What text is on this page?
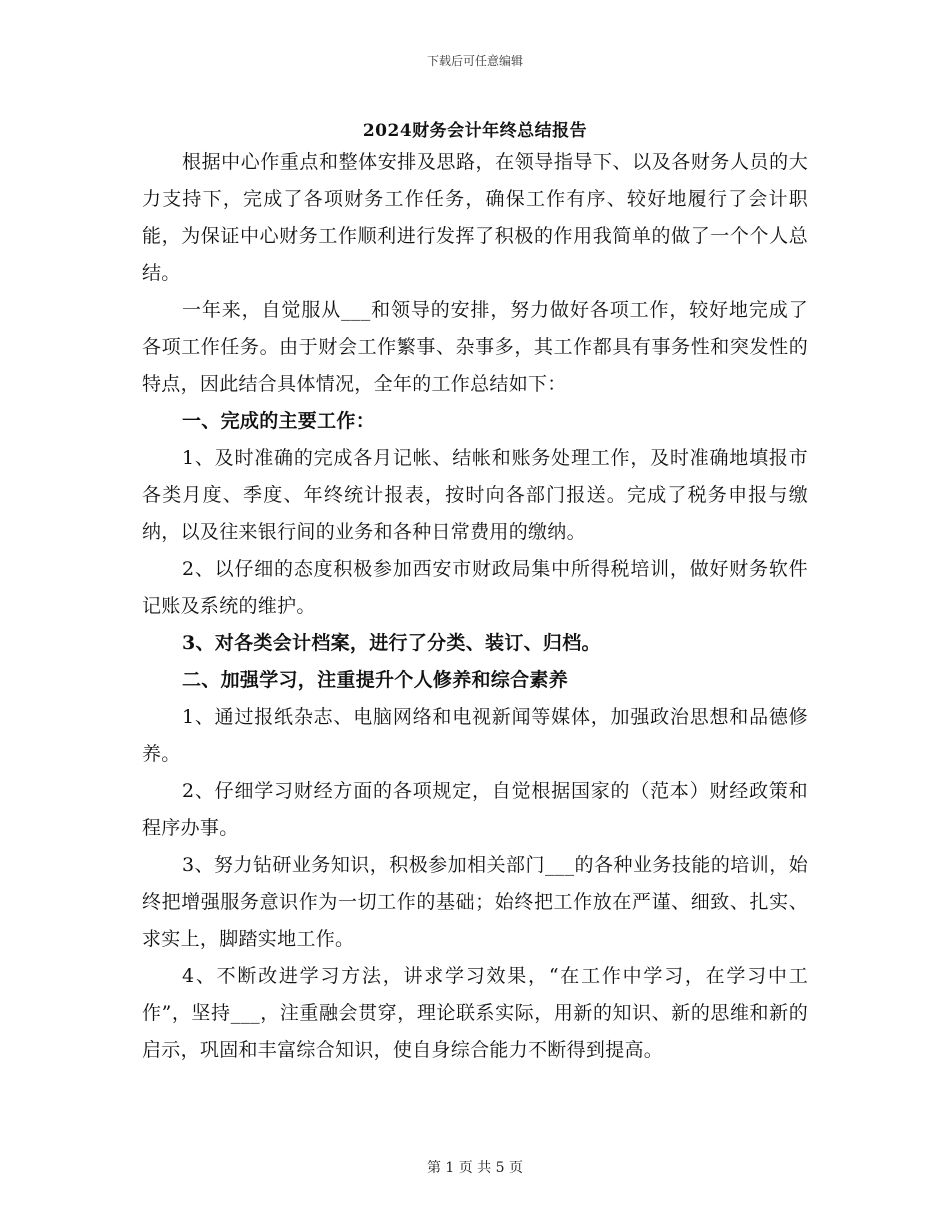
下载后可任意编辑
2024财务会计年终总结报告

根据中心作重点和整体安排及思路，在领导指导下、以及各财务人员的大力支持下，完成了各项财务工作任务，确保工作有序、较好地履行了会计职能，为保证中心财务工作顺利进行发挥了积极的作用我简单的做了一个个人总结。

一年来，自觉服从___和领导的安排，努力做好各项工作，较好地完成了各项工作任务。由于财会工作繁事、杂事多，其工作都具有事务性和突发性的特点，因此结合具体情况，全年的工作总结如下：

一、完成的主要工作：

1、及时准确的完成各月记帐、结帐和账务处理工作，及时准确地填报市各类月度、季度、年终统计报表，按时向各部门报送。完成了税务申报与缴纳，以及往来银行间的业务和各种日常费用的缴纳。

2、以仔细的态度积极参加西安市财政局集中所得税培训，做好财务软件记账及系统的维护。

3、对各类会计档案，进行了分类、装订、归档。

二、加强学习，注重提升个人修养和综合素养

1、通过报纸杂志、电脑网络和电视新闻等媒体，加强政治思想和品德修养。

2、仔细学习财经方面的各项规定，自觉根据国家的（范本）财经政策和程序办事。

3、努力钻研业务知识，积极参加相关部门___的各种业务技能的培训，始终把增强服务意识作为一切工作的基础；始终把工作放在严谨、细致、扎实、求实上，脚踏实地工作。

4、不断改进学习方法，讲求学习效果，“在工作中学习，在学习中工作”，坚持___，注重融会贯穿，理论联系实际，用新的知识、新的思维和新的启示，巩固和丰富综合知识，使自身综合能力不断得到提高。

第 1 页 共 5 页
